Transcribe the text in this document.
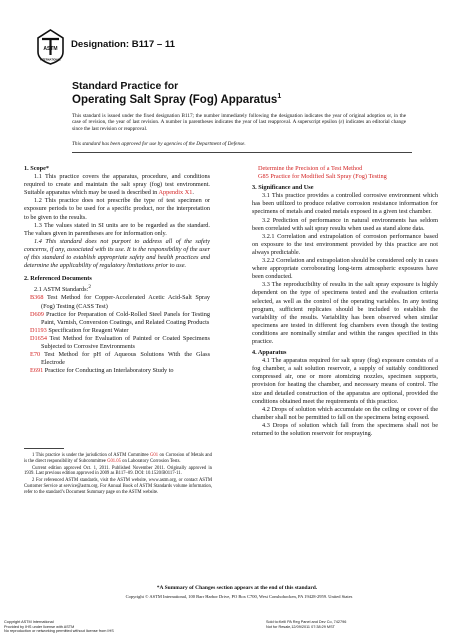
ASTM
INTERNATIONAL
Designation: B117 – 11
Standard Practice for
Operating Salt Spray (Fog) Apparatus$^1$
This standard is issued under the fixed designation B117; the number immediately following the designation indicates the year of original adoption or, in the case of revision, the year of last revision. A number in parentheses indicates the year of last reapproval. A superscript epsilon (ε) indicates an editorial change since the last revision or reapproval.
This standard has been approved for use by agencies of the Department of Defense.

1. Scope*

1.1 This practice covers the apparatus, procedure, and conditions required to create and maintain the salt spray (fog) test environment. Suitable apparatus which may be used is described in Appendix X1.

1.2 This practice does not prescribe the type of test specimen or exposure periods to be used for a specific product, nor the interpretation to be given to the results.

1.3 The values stated in SI units are to be regarded as the standard. The values given in parentheses are for information only.

1.4 This standard does not purport to address all of the safety concerns, if any, associated with its use. It is the responsibility of the user of this standard to establish appropriate safety and health practices and determine the applicability of regulatory limitations prior to use.

2. Referenced Documents

2.1 ASTM Standards:$^2$

B368 Test Method for Copper-Accelerated Acetic Acid-Salt Spray (Fog) Testing (CASS Test)

D609 Practice for Preparation of Cold-Rolled Steel Panels for Testing Paint, Varnish, Conversion Coatings, and Related Coating Products

D1193 Specification for Reagent Water

D1654 Test Method for Evaluation of Painted or Coated Specimens Subjected to Corrosive Environments

E70 Test Method for pH of Aqueous Solutions With the Glass Electrode

E691 Practice for Conducting an Interlaboratory Study to

1 This practice is under the jurisdiction of ASTM Committee G01 on Corrosion of Metals and is the direct responsibility of Subcommittee G01.05 on Laboratory Corrosion Tests.

Current edition approved Oct. 1, 2011. Published November 2011. Originally approved in 1939. Last previous edition approved in 2009 as B117–09. DOI: 10.1520/B0117-11.

2 For referenced ASTM standards, visit the ASTM website, www.astm.org, or contact ASTM Customer Service at service@astm.org. For Annual Book of ASTM Standards volume information, refer to the standard’s Document Summary page on the ASTM website.

Determine the Precision of a Test Method

G85 Practice for Modified Salt Spray (Fog) Testing

3. Significance and Use

3.1 This practice provides a controlled corrosive environment which has been utilized to produce relative corrosion resistance information for specimens of metals and coated metals exposed in a given test chamber.

3.2 Prediction of performance in natural environments has seldom been correlated with salt spray results when used as stand alone data.

3.2.1 Correlation and extrapolation of corrosion performance based on exposure to the test environment provided by this practice are not always predictable.

3.2.2 Correlation and extrapolation should be considered only in cases where appropriate corroborating long-term atmospheric exposures have been conducted.

3.3 The reproducibility of results in the salt spray exposure is highly dependent on the type of specimens tested and the evaluation criteria selected, as well as the control of the operating variables. In any testing program, sufficient replicates should be included to establish the variability of the results. Variability has been observed when similar specimens are tested in different fog chambers even though the testing conditions are nominally similar and within the ranges specified in this practice.

4. Apparatus

4.1 The apparatus required for salt spray (fog) exposure consists of a fog chamber, a salt solution reservoir, a supply of suitably conditioned compressed air, one or more atomizing nozzles, specimen supports, provision for heating the chamber, and necessary means of control. The size and detailed construction of the apparatus are optional, provided the conditions obtained meet the requirements of this practice.

4.2 Drops of solution which accumulate on the ceiling or cover of the chamber shall not be permitted to fall on the specimens being exposed.

4.3 Drops of solution which fall from the specimens shall not be returned to the solution reservoir for respraying.

*A Summary of Changes section appears at the end of this standard.
Copyright © ASTM International, 100 Barr Harbor Drive, PO Box C700, West Conshohocken, PA 19428-2959. United States

Copyright ASTM International

Provided by IHS under license with ASTM

No reproduction or networking permitted without license from IHS

Sold to:Kelli PA Reg Panel and Dev Co, 742796

Not for Resale,12/09/2011 07:38:29 MST
